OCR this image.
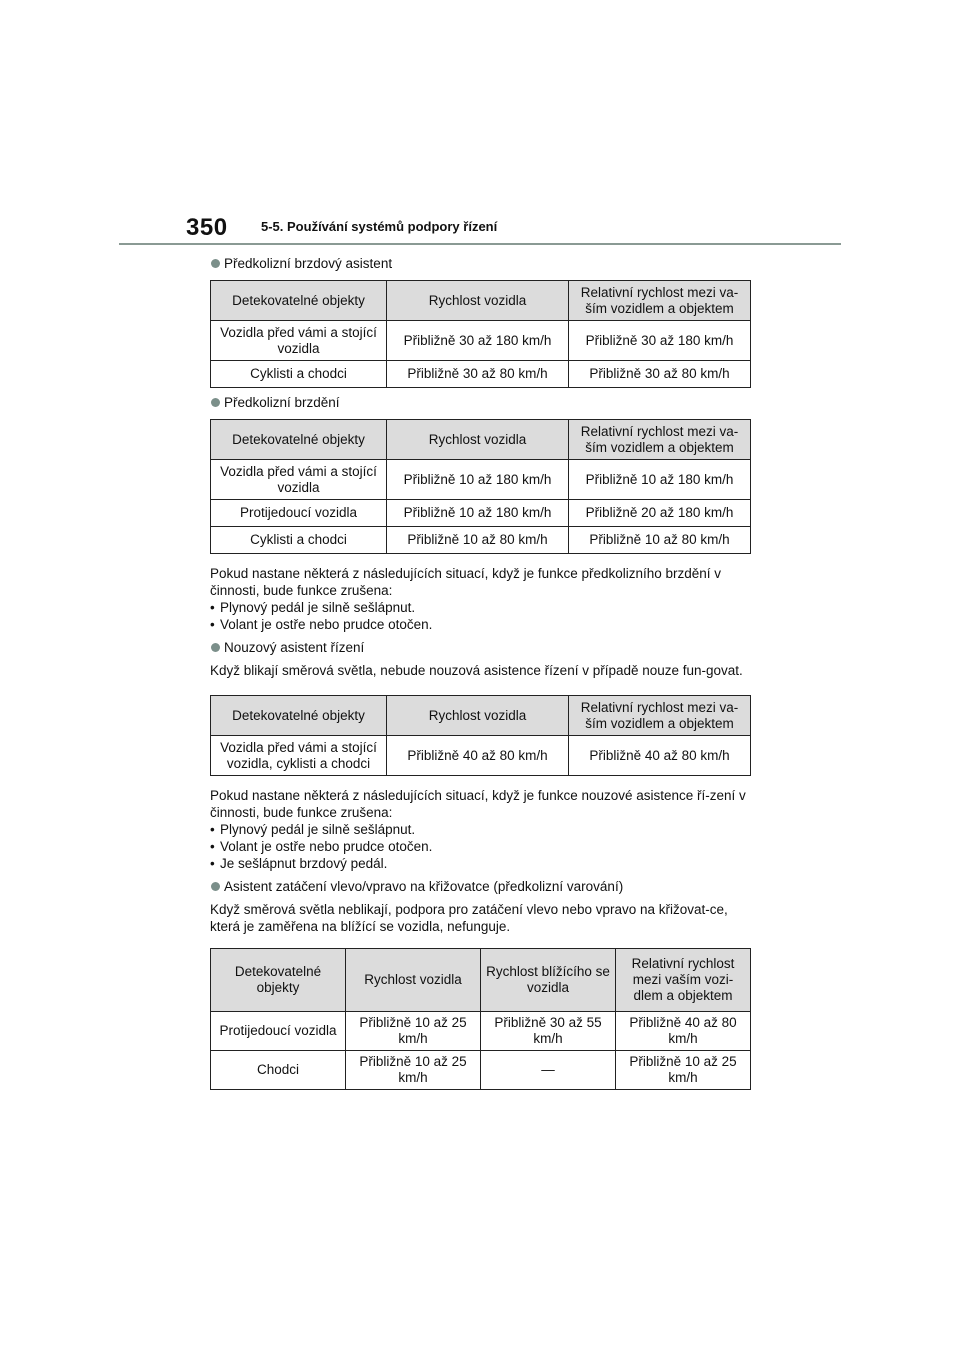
350	5-5. Používání systémů podpory řízení
Předkolizní brzdový asistent
Detekovatelné objekty	Rychlost vozidla	Relativní rychlost mezi va-ším vozidlem a objektem
Vozidla před vámi a stojící vozidla	Přibližně 30 až 180 km/h	Přibližně 30 až 180 km/h
Cyklisti a chodci	Přibližně 30 až 80 km/h	Přibližně 30 až 80 km/h
Předkolizní brzdění
Detekovatelné objekty	Rychlost vozidla	Relativní rychlost mezi va-ším vozidlem a objektem
Vozidla před vámi a stojící vozidla	Přibližně 10 až 180 km/h	Přibližně 10 až 180 km/h
Protijedoucí vozidla	Přibližně 10 až 180 km/h	Přibližně 20 až 180 km/h
Cyklisti a chodci	Přibližně 10 až 80 km/h	Přibližně 10 až 80 km/h

Pokud nastane některá z následujících situací, když je funkce předkolizního brzdění v činnosti, bude funkce zrušena:

• Plynový pedál je silně sešlápnut.
• Volant je ostře nebo prudce otočen.
Nouzový asistent řízení

Když blikají směrová světla, nebude nouzová asistence řízení v případě nouze fun-govat.

Detekovatelné objekty	Rychlost vozidla	Relativní rychlost mezi va-ším vozidlem a objektem
Vozidla před vámi a stojící vozidla, cyklisti a chodci	Přibližně 40 až 80 km/h	Přibližně 40 až 80 km/h

Pokud nastane některá z následujících situací, když je funkce nouzové asistence ří-zení v činnosti, bude funkce zrušena:

• Plynový pedál je silně sešlápnut.
• Volant je ostře nebo prudce otočen.
• Je sešlápnut brzdový pedál.
Asistent zatáčení vlevo/vpravo na křižovatce (předkolizní varování)

Když směrová světla neblikají, podpora pro zatáčení vlevo nebo vpravo na křižovat-ce, která je zaměřena na blížící se vozidla, nefunguje.

Detekovatelné objekty	Rychlost vozidla	Rychlost blížícího se vozidla	Relativní rychlost mezi vaším vozi-dlem a objektem
Protijedoucí vozidla	Přibližně 10 až 25 km/h	Přibližně 30 až 55 km/h	Přibližně 40 až 80 km/h
Chodci	Přibližně 10 až 25 km/h	—	Přibližně 10 až 25 km/h
